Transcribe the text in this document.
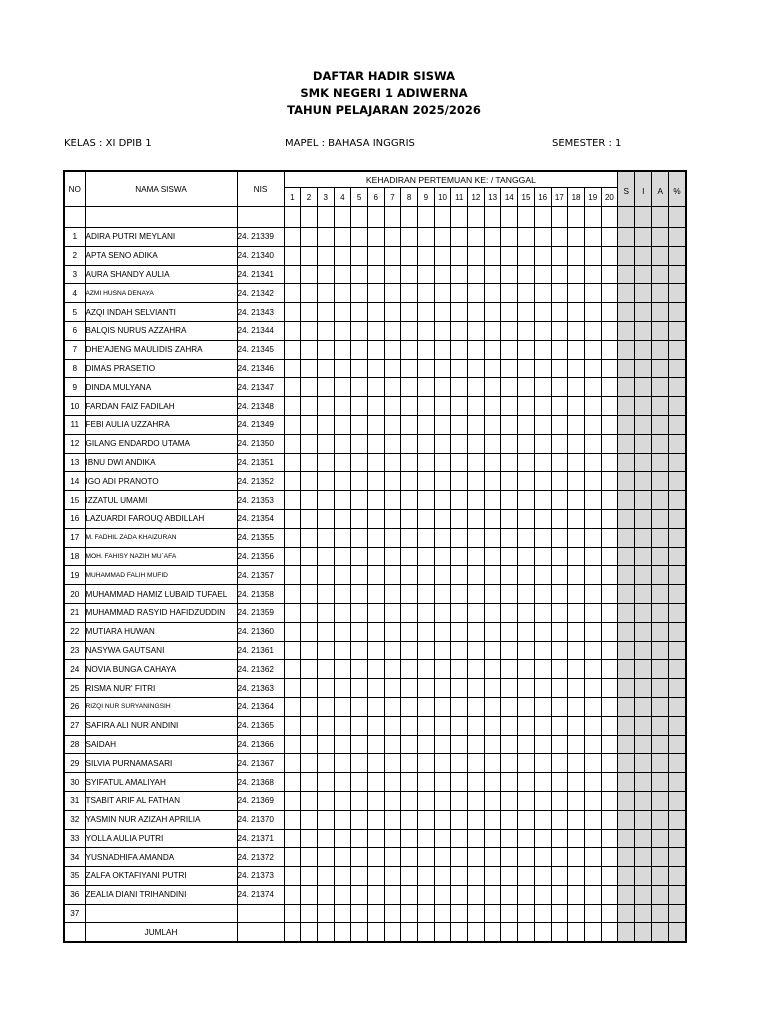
DAFTAR HADIR SISWA
SMK NEGERI 1 ADIWERNA
TAHUN PELAJARAN 2025/2026
KELAS : XI DPIB 1	MAPEL : BAHASA INGGRIS	SEMESTER : 1
NO	NAMA SISWA	NIS	KEHADIRAN PERTEMUAN KE: / TANGGAL																				S	I	A	%
			1	2	3	4	5	6	7	8	9	10	11	12	13	14	15	16	17	18	19	20				

1	ADIRA PUTRI MEYLANI	24. 21339																								
2	APTA SENO ADIKA	24. 21340																								
3	AURA SHANDY AULIA	24. 21341																								
4	AZMI HUSNA DENAYA	24. 21342																								
5	AZQI INDAH SELVIANTI	24. 21343																								
6	BALQIS NURUS AZZAHRA	24. 21344																								
7	DHE'AJENG MAULIDIS ZAHRA	24. 21345																								
8	DIMAS PRASETIO	24. 21346																								
9	DINDA MULYANA	24. 21347																								
10	FARDAN FAIZ FADILAH	24. 21348																								
11	FEBI AULIA UZZAHRA	24. 21349																								
12	GILANG ENDARDO UTAMA	24. 21350																								
13	IBNU DWI ANDIKA	24. 21351																								
14	IGO ADI PRANOTO	24. 21352																								
15	IZZATUL UMAMI	24. 21353																								
16	LAZUARDI FAROUQ ABDILLAH	24. 21354																								
17	M. FADHIL ZADA KHAIZURAN	24. 21355																								
18	MOH. FAHISY NAZIH MU`AFA	24. 21356																								
19	MUHAMMAD FALIH MUFID	24. 21357																								
20	MUHAMMAD HAMIZ LUBAID TUFAEL	24. 21358																								
21	MUHAMMAD RASYID HAFIDZUDDIN	24. 21359																								
22	MUTIARA HUWAN	24. 21360																								
23	NASYWA GAUTSANI	24. 21361																								
24	NOVIA BUNGA CAHAYA	24. 21362																								
25	RISMA NUR' FITRI	24. 21363																								
26	RIZQI NUR SURYANINGSIH	24. 21364																								
27	SAFIRA ALI NUR ANDINI	24. 21365																								
28	SAIDAH	24. 21366																								
29	SILVIA PURNAMASARI	24. 21367																								
30	SYIFATUL AMALIYAH	24. 21368																								
31	TSABIT ARIF AL FATHAN	24. 21369																								
32	YASMIN NUR AZIZAH APRILIA	24. 21370																								
33	YOLLA AULIA PUTRI	24. 21371																								
34	YUSNADHIFA AMANDA	24. 21372																								
35	ZALFA OKTAFIYANI PUTRI	24. 21373																								
36	ZEALIA DIANI TRIHANDINI	24. 21374																								
37																										
	JUMLAH																									
